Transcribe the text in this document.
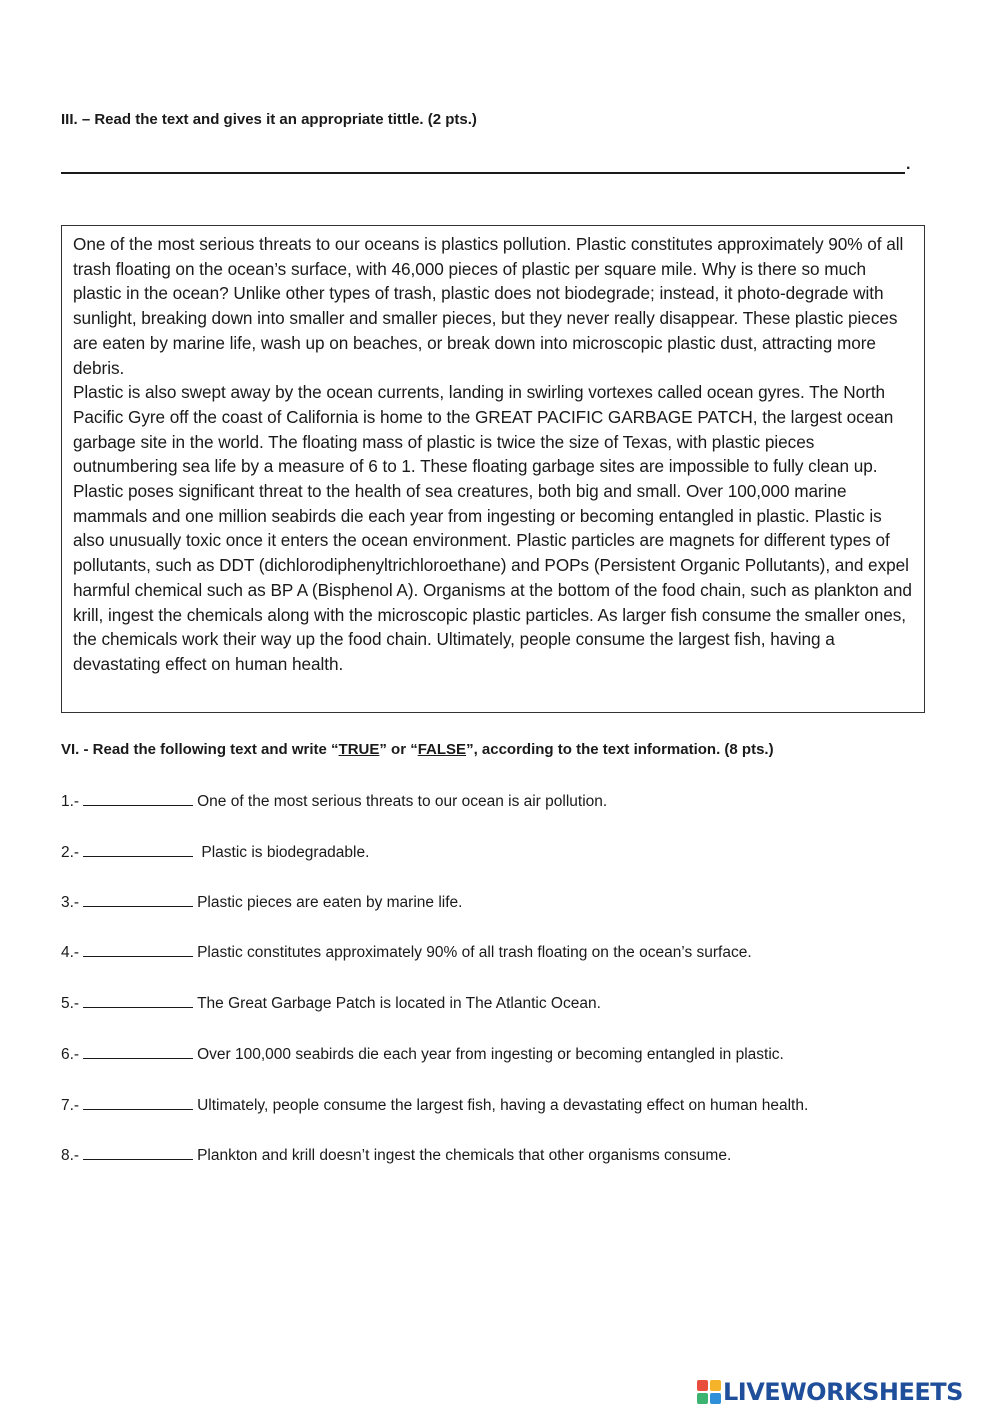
III. – Read the text and gives it an appropriate tittle. (2 pts.)
.

One of the most serious threats to our oceans is plastics pollution. Plastic constitutes approximately 90% of all trash floating on the ocean’s surface, with 46,000 pieces of plastic per square mile. Why is there so much plastic in the ocean? Unlike other types of trash, plastic does not biodegrade; instead, it photo-degrade with sunlight, breaking down into smaller and smaller pieces, but they never really disappear. These plastic pieces are eaten by marine life, wash up on beaches, or break down into microscopic plastic dust, attracting more debris.

Plastic is also swept away by the ocean currents, landing in swirling vortexes called ocean gyres. The North Pacific Gyre off the coast of California is home to the GREAT PACIFIC GARBAGE PATCH, the largest ocean garbage site in the world. The floating mass of plastic is twice the size of Texas, with plastic pieces outnumbering sea life by a measure of 6 to 1. These floating garbage sites are impossible to fully clean up.

Plastic poses significant threat to the health of sea creatures, both big and small. Over 100,000 marine mammals and one million seabirds die each year from ingesting or becoming entangled in plastic. Plastic is also unusually toxic once it enters the ocean environment. Plastic particles are magnets for different types of pollutants, such as DDT (dichlorodiphenyltrichloroethane) and POPs (Persistent Organic Pollutants), and expel harmful chemical such as BP A (Bisphenol A). Organisms at the bottom of the food chain, such as plankton and krill, ingest the chemicals along with the microscopic plastic particles. As larger fish consume the smaller ones, the chemicals work their way up the food chain. Ultimately, people consume the largest fish, having a devastating effect on human health.

VI. - Read the following text and write “TRUE” or “FALSE”, according to the text information. (8 pts.)
1.-	One of the most serious threats to our ocean is air pollution.
2.-	Plastic is biodegradable.
3.-	Plastic pieces are eaten by marine life.
4.-	Plastic constitutes approximately 90% of all trash floating on the ocean’s surface.
5.-	The Great Garbage Patch is located in The Atlantic Ocean.
6.-	Over 100,000 seabirds die each year from ingesting or becoming entangled in plastic.
7.-	Ultimately, people consume the largest fish, having a devastating effect on human health.
8.-	Plankton and krill doesn’t ingest the chemicals that other organisms consume.
LIVEWORKSHEETS
